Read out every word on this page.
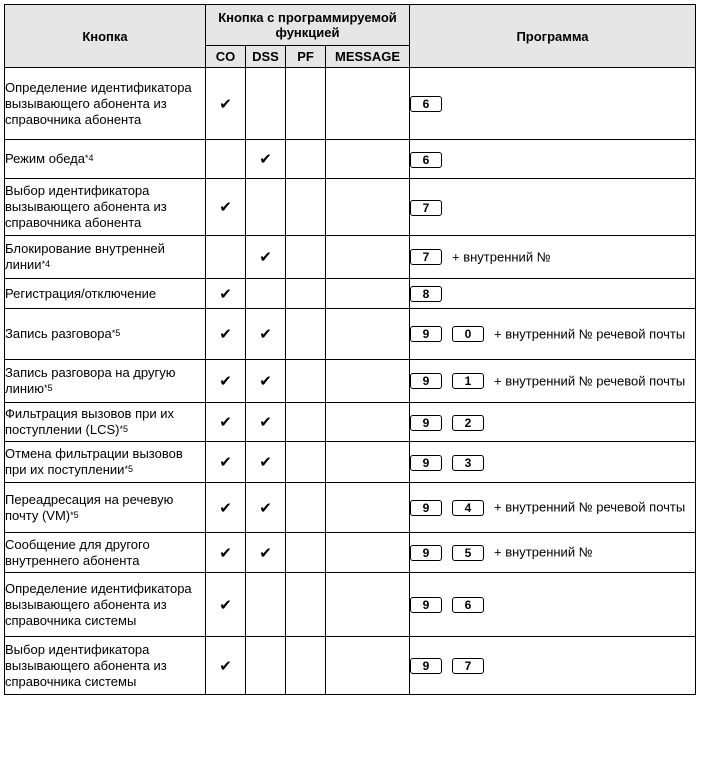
Кнопка	Кнопка с программируемой функцией				Программа
	CO	DSS	PF	MESSAGE	
Определение идентификатора вызывающего абонента из справочника абонента	✔				6
Режим обеда$^{*4}$		✔			6
Выбор идентификатора вызывающего абонента из справочника абонента	✔				7
Блокирование внутренней линии$^{*4}$		✔			7 + внутренний №
Регистрация/отключение	✔				8
Запись разговора$^{*5}$	✔	✔			9 0 + внутренний № речевой почты
Запись разговора на другую линию$^{*5}$	✔	✔			9 1 + внутренний № речевой почты
Фильтрация вызовов при их поступлении (LCS)$^{*5}$	✔	✔			9 2
Отмена фильтрации вызовов при их поступлении$^{*5}$	✔	✔			9 3
Переадресация на речевую почту (VM)$^{*5}$	✔	✔			9 4 + внутренний № речевой почты
Сообщение для другого внутреннего абонента	✔	✔			9 5 + внутренний №
Определение идентификатора вызывающего абонента из справочника системы	✔				9 6
Выбор идентификатора вызывающего абонента из справочника системы	✔				9 7
